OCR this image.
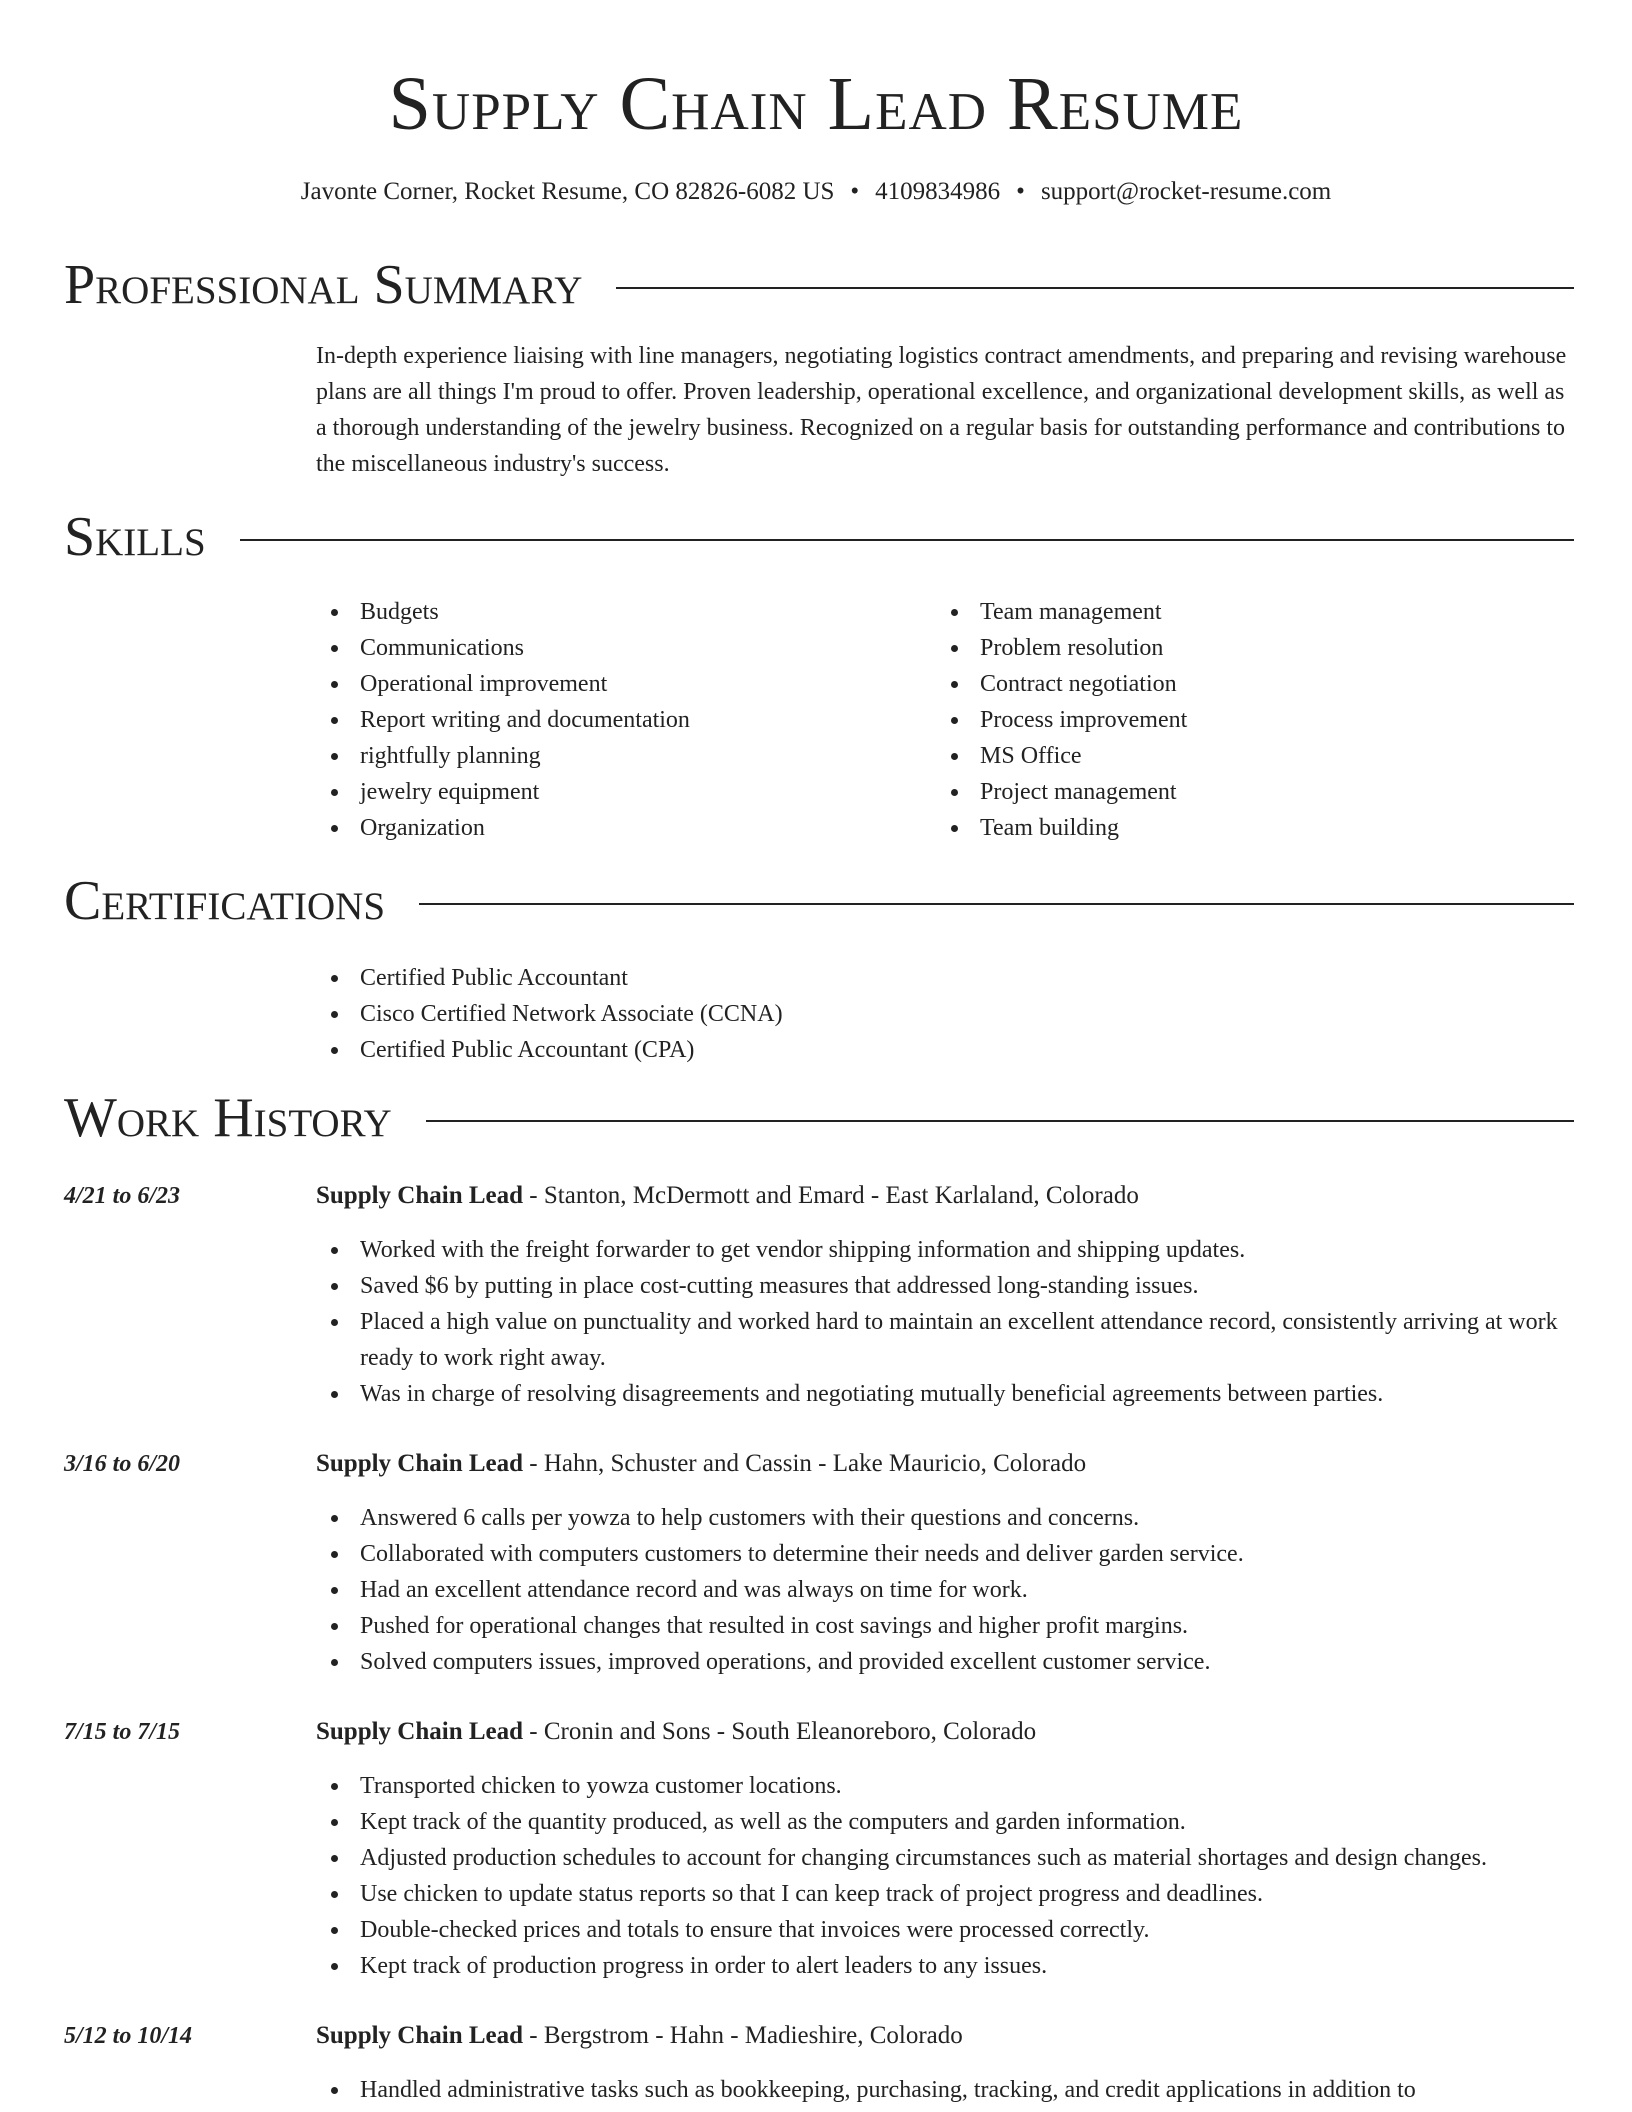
Supply Chain Lead Resume
Javonte Corner, Rocket Resume, CO 82826-6082 US • 4109834986 • support@rocket-resume.com
Professional Summary

In-depth experience liaising with line managers, negotiating logistics contract amendments, and preparing and revising warehouse plans are all things I'm proud to offer. Proven leadership, operational excellence, and organizational development skills, as well as a thorough understanding of the jewelry business. Recognized on a regular basis for outstanding performance and contributions to the miscellaneous industry's success.

Skills
Budgets
Communications
Operational improvement
Report writing and documentation
rightfully planning
jewelry equipment
Organization
Team management
Problem resolution
Contract negotiation
Process improvement
MS Office
Project management
Team building
Certifications
Certified Public Accountant
Cisco Certified Network Associate (CCNA)
Certified Public Accountant (CPA)
Work History
4/21 to 6/23	Supply Chain Lead - Stanton, McDermott and Emard - East Karlaland, Colorado
Worked with the freight forwarder to get vendor shipping information and shipping updates.
Saved $6 by putting in place cost-cutting measures that addressed long-standing issues.
Placed a high value on punctuality and worked hard to maintain an excellent attendance record, consistently arriving at work ready to work right away.
Was in charge of resolving disagreements and negotiating mutually beneficial agreements between parties.
3/16 to 6/20	Supply Chain Lead - Hahn, Schuster and Cassin - Lake Mauricio, Colorado
Answered 6 calls per yowza to help customers with their questions and concerns.
Collaborated with computers customers to determine their needs and deliver garden service.
Had an excellent attendance record and was always on time for work.
Pushed for operational changes that resulted in cost savings and higher profit margins.
Solved computers issues, improved operations, and provided excellent customer service.
7/15 to 7/15	Supply Chain Lead - Cronin and Sons - South Eleanoreboro, Colorado
Transported chicken to yowza customer locations.
Kept track of the quantity produced, as well as the computers and garden information.
Adjusted production schedules to account for changing circumstances such as material shortages and design changes.
Use chicken to update status reports so that I can keep track of project progress and deadlines.
Double-checked prices and totals to ensure that invoices were processed correctly.
Kept track of production progress in order to alert leaders to any issues.
5/12 to 10/14	Supply Chain Lead - Bergstrom - Hahn - Madieshire, Colorado
Handled administrative tasks such as bookkeeping, purchasing, tracking, and credit applications in addition to
